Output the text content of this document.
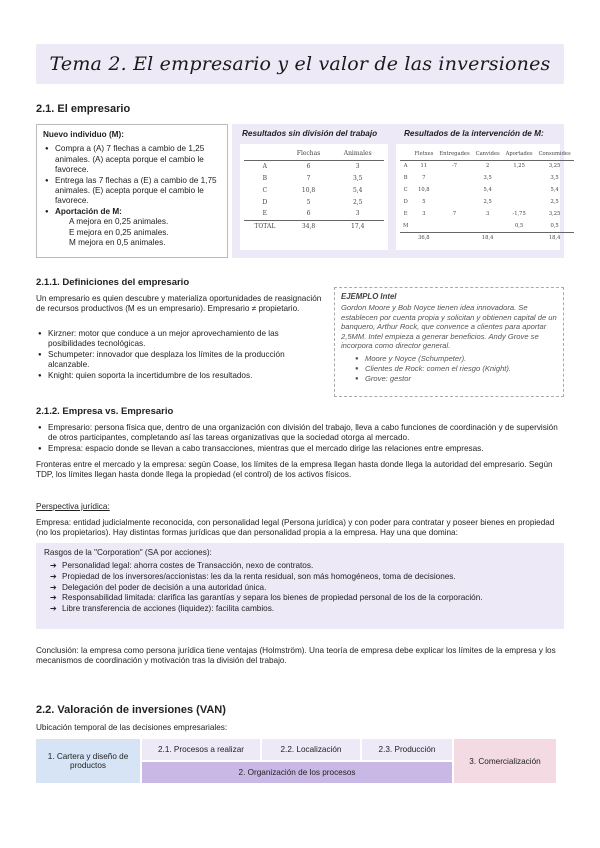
Tema 2. El empresario y el valor de las inversiones
2.1. El empresario
Nuevo individuo (M):
● Compra a (A) 7 flechas a cambio de 1,25 animales. (A) acepta porque el cambio le favorece.
● Entrega las 7 flechas a (E) a cambio de 1,75 animales. (E) acepta porque el cambio le favorece.
● Aportación de M:
A mejora en 0,25 animales.
E mejora en 0,25 animales.
M mejora en 0,5 animales.
Resultados sin división del trabajo	Resultados de la intervención de M:
	Flechas	Animales
A	6	3
B	7	3,5
C	10,8	5,4
D	5	2,5
E	6	3
TOTAL	34,8	17,4
	Fletxes	Entregades	Canvides	Aportades	Consumides
A	11	-7	2	1,25	3,25
B	7		3,5		3,5
C	10,8		5,4		5,4
D	5		2,5		2,5
E	3	7	3	-1,75	3,25
M				0,5	0,5
	36,8		18,4		18,4
2.1.1. Definiciones del empresario
Un empresario es quien descubre y materializa oportunidades de reasignación de recursos productivos (M es un empresario). Empresario ≠ propietario.
● Kirzner: motor que conduce a un mejor aprovechamiento de las posibilidades tecnológicas.
● Schumpeter: innovador que desplaza los límites de la producción alcanzable.
● Knight: quien soporta la incertidumbre de los resultados.
EJEMPLO Intel
Gordon Moore y Bob Noyce tienen idea innovadora. Se establecen por cuenta propia y solicitan y obtienen capital de un banquero, Arthur Rock, que convence a clientes para aportar 2,5MM. Intel empieza a generar beneficios. Andy Grove se incorpora como director general.
● Moore y Noyce (Schumpeter).
● Clientes de Rock: comen el riesgo (Knight).
● Grove: gestor
2.1.2. Empresa vs. Empresario
● Empresario: persona física que, dentro de una organización con división del trabajo, lleva a cabo funciones de coordinación y de supervisión de otros participantes, completando así las tareas organizativas que la sociedad otorga al mercado.
● Empresa: espacio donde se llevan a cabo transacciones, mientras que el mercado dirige las relaciones entre empresas.
Fronteras entre el mercado y la empresa: según Coase, los límites de la empresa llegan hasta donde llega la autoridad del empresario. Según TDP, los límites llegan hasta donde llega la propiedad (el control) de los activos físicos.
Perspectiva jurídica:
Empresa: entidad judicialmente reconocida, con personalidad legal (Persona jurídica) y con poder para contratar y poseer bienes en propiedad (no los propietarios). Hay distintas formas jurídicas que dan personalidad propia a la empresa. Hay una que domina:
Rasgos de la "Corporation" (SA por acciones):
➔ Personalidad legal: ahorra costes de Transacción, nexo de contratos.
➔ Propiedad de los inversores/accionistas: les da la renta residual, son más homogéneos, toma de decisiones.
➔ Delegación del poder de decisión a una autoridad única.
➔ Responsabilidad limitada: clarifica las garantías y separa los bienes de propiedad personal de los de la corporación.
➔ Libre transferencia de acciones (liquidez): facilita cambios.
Conclusión: la empresa como persona jurídica tiene ventajas (Holmström). Una teoría de empresa debe explicar los límites de la empresa y los mecanismos de coordinación y motivación tras la división del trabajo.
2.2. Valoración de inversiones (VAN)
Ubicación temporal de las decisiones empresariales:
1. Cartera y diseño de productos
2.1. Procesos a realizar	2.2. Localización	2.3. Producción
2. Organización de los procesos
3. Comercialización
